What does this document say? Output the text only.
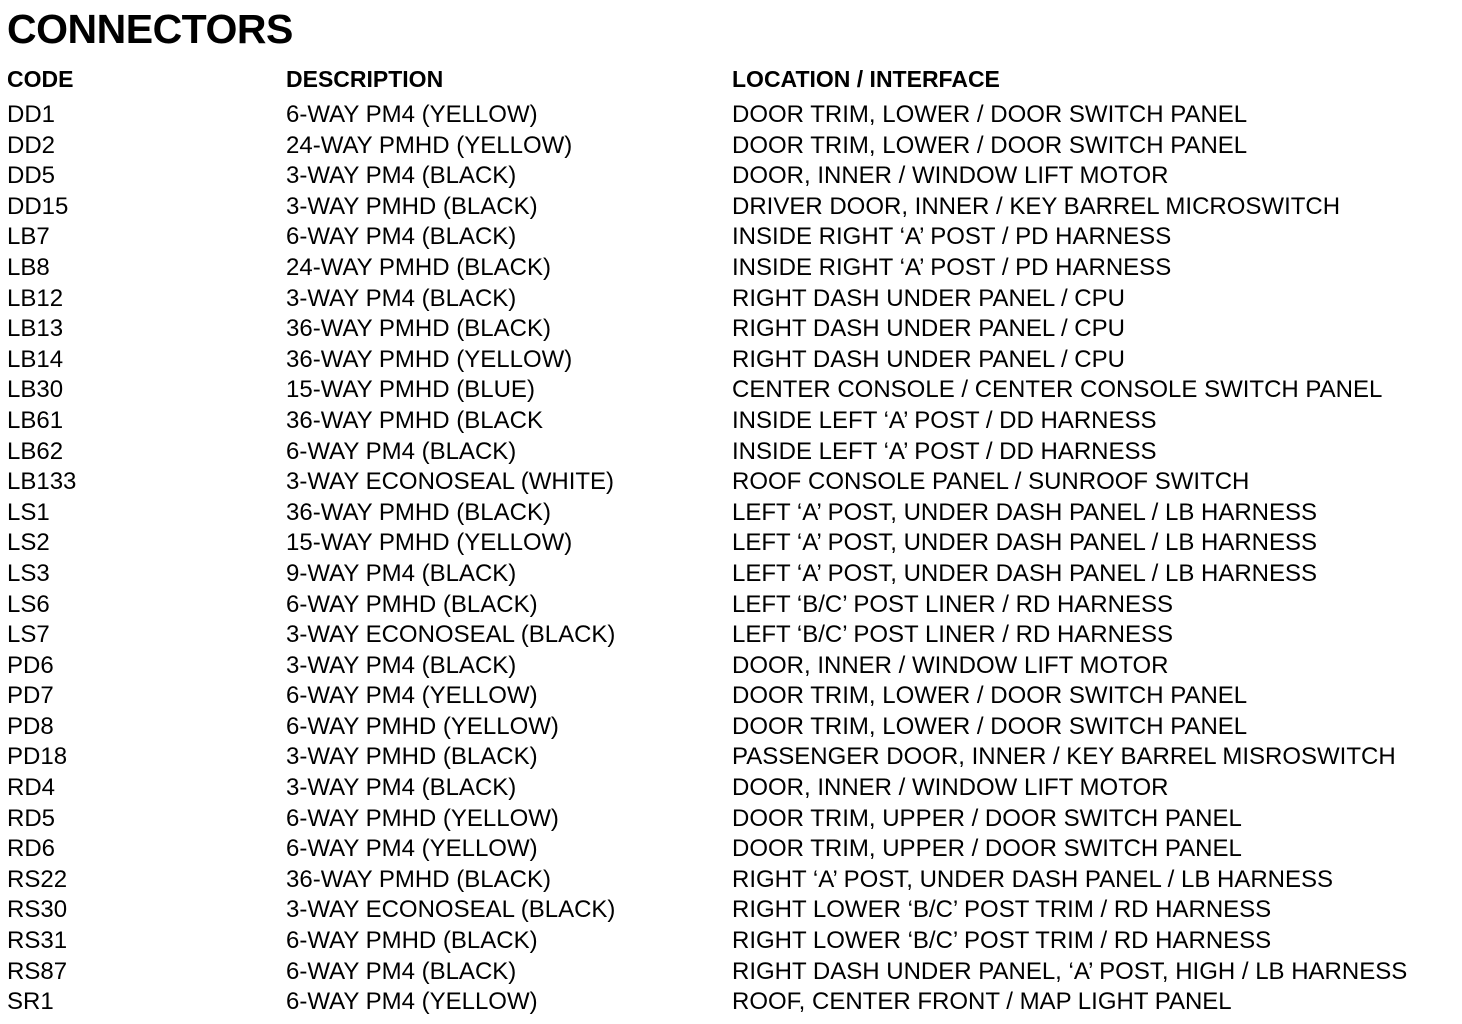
CONNECTORS
CODE	DESCRIPTION	LOCATION / INTERFACE
DD1	6-WAY PM4 (YELLOW)	DOOR TRIM, LOWER / DOOR SWITCH PANEL
DD2	24-WAY PMHD (YELLOW)	DOOR TRIM, LOWER / DOOR SWITCH PANEL
DD5	3-WAY PM4 (BLACK)	DOOR, INNER / WINDOW LIFT MOTOR
DD15	3-WAY PMHD (BLACK)	DRIVER DOOR, INNER / KEY BARREL MICROSWITCH
LB7	6-WAY PM4 (BLACK)	INSIDE RIGHT ‘A’ POST / PD HARNESS
LB8	24-WAY PMHD (BLACK)	INSIDE RIGHT ‘A’ POST / PD HARNESS
LB12	3-WAY PM4 (BLACK)	RIGHT DASH UNDER PANEL / CPU
LB13	36-WAY PMHD (BLACK)	RIGHT DASH UNDER PANEL / CPU
LB14	36-WAY PMHD (YELLOW)	RIGHT DASH UNDER PANEL / CPU
LB30	15-WAY PMHD (BLUE)	CENTER CONSOLE / CENTER CONSOLE SWITCH PANEL
LB61	36-WAY PMHD (BLACK	INSIDE LEFT ‘A’ POST / DD HARNESS
LB62	6-WAY PM4 (BLACK)	INSIDE LEFT ‘A’ POST / DD HARNESS
LB133	3-WAY ECONOSEAL (WHITE)	ROOF CONSOLE PANEL / SUNROOF SWITCH
LS1	36-WAY PMHD (BLACK)	LEFT ‘A’ POST, UNDER DASH PANEL / LB HARNESS
LS2	15-WAY PMHD (YELLOW)	LEFT ‘A’ POST, UNDER DASH PANEL / LB HARNESS
LS3	9-WAY PM4 (BLACK)	LEFT ‘A’ POST, UNDER DASH PANEL / LB HARNESS
LS6	6-WAY PMHD (BLACK)	LEFT ‘B/C’ POST LINER / RD HARNESS
LS7	3-WAY ECONOSEAL (BLACK)	LEFT ‘B/C’ POST LINER / RD HARNESS
PD6	3-WAY PM4 (BLACK)	DOOR, INNER / WINDOW LIFT MOTOR
PD7	6-WAY PM4 (YELLOW)	DOOR TRIM, LOWER / DOOR SWITCH PANEL
PD8	6-WAY PMHD (YELLOW)	DOOR TRIM, LOWER / DOOR SWITCH PANEL
PD18	3-WAY PMHD (BLACK)	PASSENGER DOOR, INNER / KEY BARREL MISROSWITCH
RD4	3-WAY PM4 (BLACK)	DOOR, INNER / WINDOW LIFT MOTOR
RD5	6-WAY PMHD (YELLOW)	DOOR TRIM, UPPER / DOOR SWITCH PANEL
RD6	6-WAY PM4 (YELLOW)	DOOR TRIM, UPPER / DOOR SWITCH PANEL
RS22	36-WAY PMHD (BLACK)	RIGHT ‘A’ POST, UNDER DASH PANEL / LB HARNESS
RS30	3-WAY ECONOSEAL (BLACK)	RIGHT LOWER ‘B/C’ POST TRIM / RD HARNESS
RS31	6-WAY PMHD (BLACK)	RIGHT LOWER ‘B/C’ POST TRIM / RD HARNESS
RS87	6-WAY PM4 (BLACK)	RIGHT DASH UNDER PANEL, ‘A’ POST, HIGH / LB HARNESS
SR1	6-WAY PM4 (YELLOW)	ROOF, CENTER FRONT / MAP LIGHT PANEL
